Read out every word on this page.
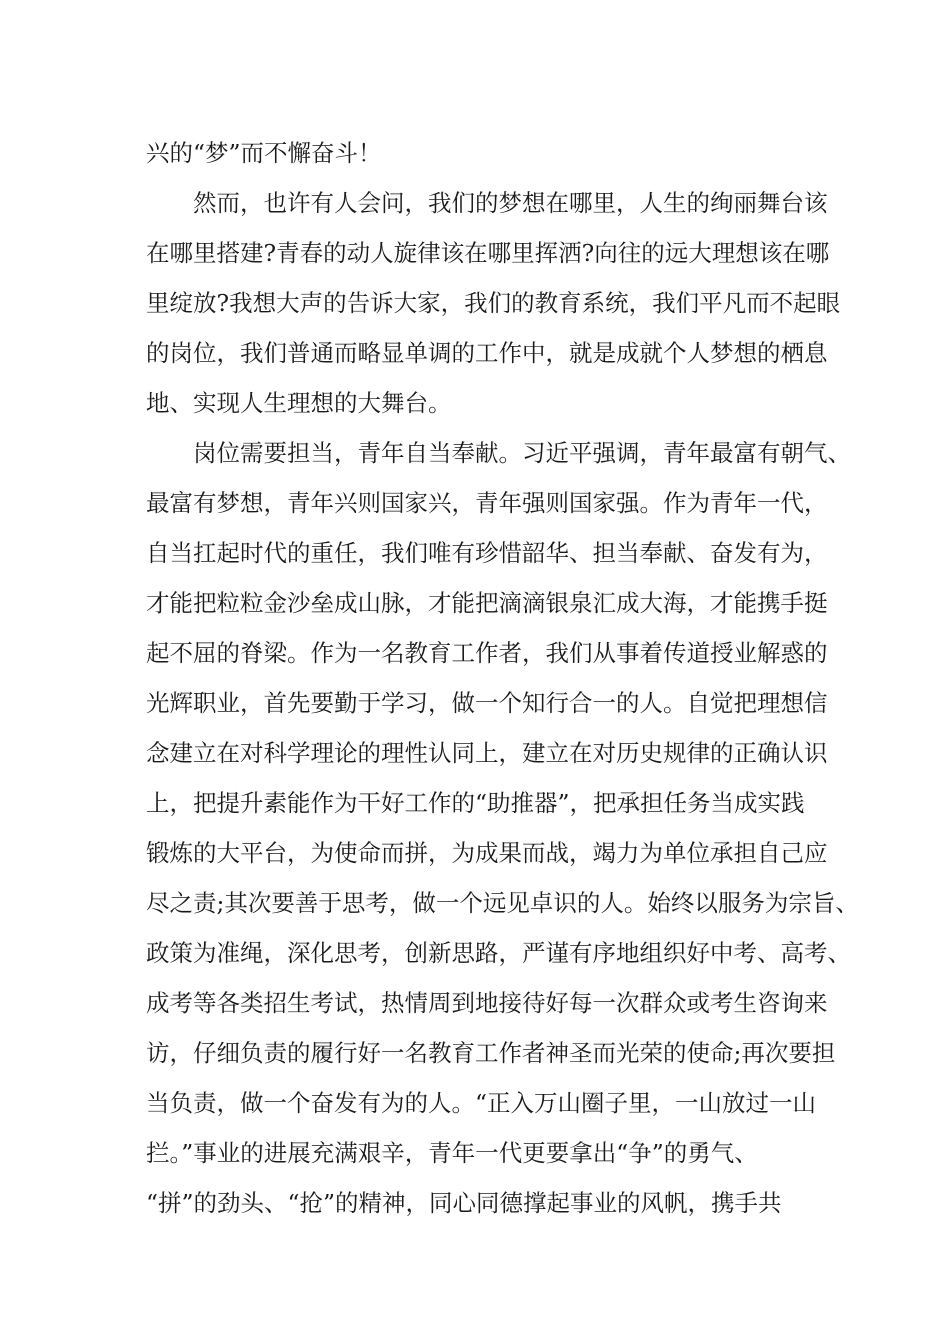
兴的“梦”而不懈奋斗！
　　然而，也许有人会问，我们的梦想在哪里，人生的绚丽舞台该
在哪里搭建?青春的动人旋律该在哪里挥洒?向往的远大理想该在哪
里绽放?我想大声的告诉大家，我们的教育系统，我们平凡而不起眼
的岗位，我们普通而略显单调的工作中，就是成就个人梦想的栖息
地、实现人生理想的大舞台。
　　岗位需要担当，青年自当奉献。习近平强调，青年最富有朝气、
最富有梦想，青年兴则国家兴，青年强则国家强。作为青年一代，
自当扛起时代的重任，我们唯有珍惜韶华、担当奉献、奋发有为，
才能把粒粒金沙垒成山脉，才能把滴滴银泉汇成大海，才能携手挺
起不屈的脊梁。作为一名教育工作者，我们从事着传道授业解惑的
光辉职业，首先要勤于学习，做一个知行合一的人。自觉把理想信
念建立在对科学理论的理性认同上，建立在对历史规律的正确认识
上，把提升素能作为干好工作的“助推器”，把承担任务当成实践
锻炼的大平台，为使命而拼，为成果而战，竭力为单位承担自己应
尽之责;其次要善于思考，做一个远见卓识的人。始终以服务为宗旨、
政策为准绳，深化思考，创新思路，严谨有序地组织好中考、高考、
成考等各类招生考试，热情周到地接待好每一次群众或考生咨询来
访，仔细负责的履行好一名教育工作者神圣而光荣的使命;再次要担
当负责，做一个奋发有为的人。“正入万山圈子里，一山放过一山
拦。”事业的进展充满艰辛，青年一代更要拿出“争”的勇气、
“拼”的劲头、“抢”的精神，同心同德撑起事业的风帆，携手共
